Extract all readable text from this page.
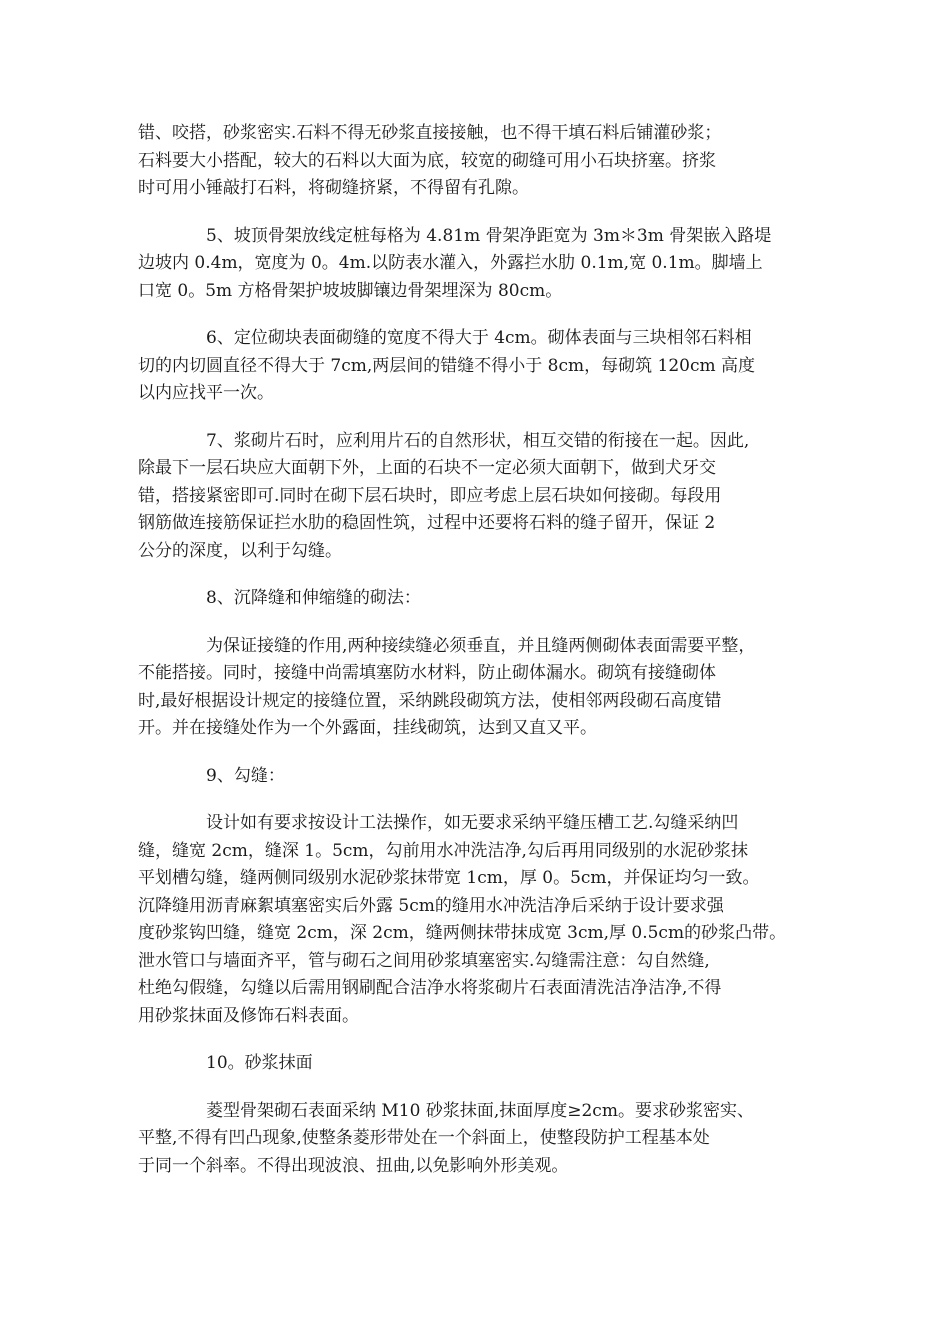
错、咬搭，砂浆密实.石料不得无砂浆直接接触，也不得干填石料后铺灌砂浆；
石料要大小搭配，较大的石料以大面为底，较宽的砌缝可用小石块挤塞。挤浆
时可用小锤敲打石料，将砌缝挤紧，不得留有孔隙。

5、坡顶骨架放线定桩每格为 4.81m 骨架净距宽为 3m＊3m 骨架嵌入路堤
边坡内 0.4m，宽度为 0。4m.以防表水灌入，外露拦水肋 0.1m,宽 0.1m。脚墙上
口宽 0。5m 方格骨架护坡坡脚镶边骨架埋深为 80cm。

6、定位砌块表面砌缝的宽度不得大于 4cm。砌体表面与三块相邻石料相
切的内切圆直径不得大于 7cm,两层间的错缝不得小于 8cm，每砌筑 120cm 高度
以内应找平一次。

7、浆砌片石时，应利用片石的自然形状，相互交错的衔接在一起。因此,
除最下一层石块应大面朝下外，上面的石块不一定必须大面朝下，做到犬牙交
错，搭接紧密即可.同时在砌下层石块时，即应考虑上层石块如何接砌。每段用
钢筋做连接筋保证拦水肋的稳固性筑，过程中还要将石料的缝子留开，保证 2
公分的深度，以利于勾缝。

8、沉降缝和伸缩缝的砌法：

为保证接缝的作用,两种接续缝必须垂直，并且缝两侧砌体表面需要平整，
不能搭接。同时，接缝中尚需填塞防水材料，防止砌体漏水。砌筑有接缝砌体
时,最好根据设计规定的接缝位置，采纳跳段砌筑方法，使相邻两段砌石高度错
开。并在接缝处作为一个外露面，挂线砌筑，达到又直又平。

9、勾缝：

设计如有要求按设计工法操作，如无要求采纳平缝压槽工艺.勾缝采纳凹
缝，缝宽 2cm，缝深 1。5cm，勾前用水冲洗洁净,勾后再用同级别的水泥砂浆抹
平划槽勾缝，缝两侧同级别水泥砂浆抹带宽 1cm，厚 0。5cm，并保证均匀一致。
沉降缝用沥青麻絮填塞密实后外露 5cm的缝用水冲洗洁净后采纳于设计要求强
度砂浆钩凹缝，缝宽 2cm，深 2cm，缝两侧抹带抹成宽 3cm,厚 0.5cm的砂浆凸带。
泄水管口与墙面齐平，管与砌石之间用砂浆填塞密实.勾缝需注意：勾自然缝,
杜绝勾假缝，勾缝以后需用钢刷配合洁净水将浆砌片石表面清洗洁净洁净,不得
用砂浆抹面及修饰石料表面。

10。砂浆抹面

菱型骨架砌石表面采纳 M10 砂浆抹面,抹面厚度≥2cm。要求砂浆密实、
平整,不得有凹凸现象,使整条菱形带处在一个斜面上，使整段防护工程基本处
于同一个斜率。不得出现波浪、扭曲,以免影响外形美观。
